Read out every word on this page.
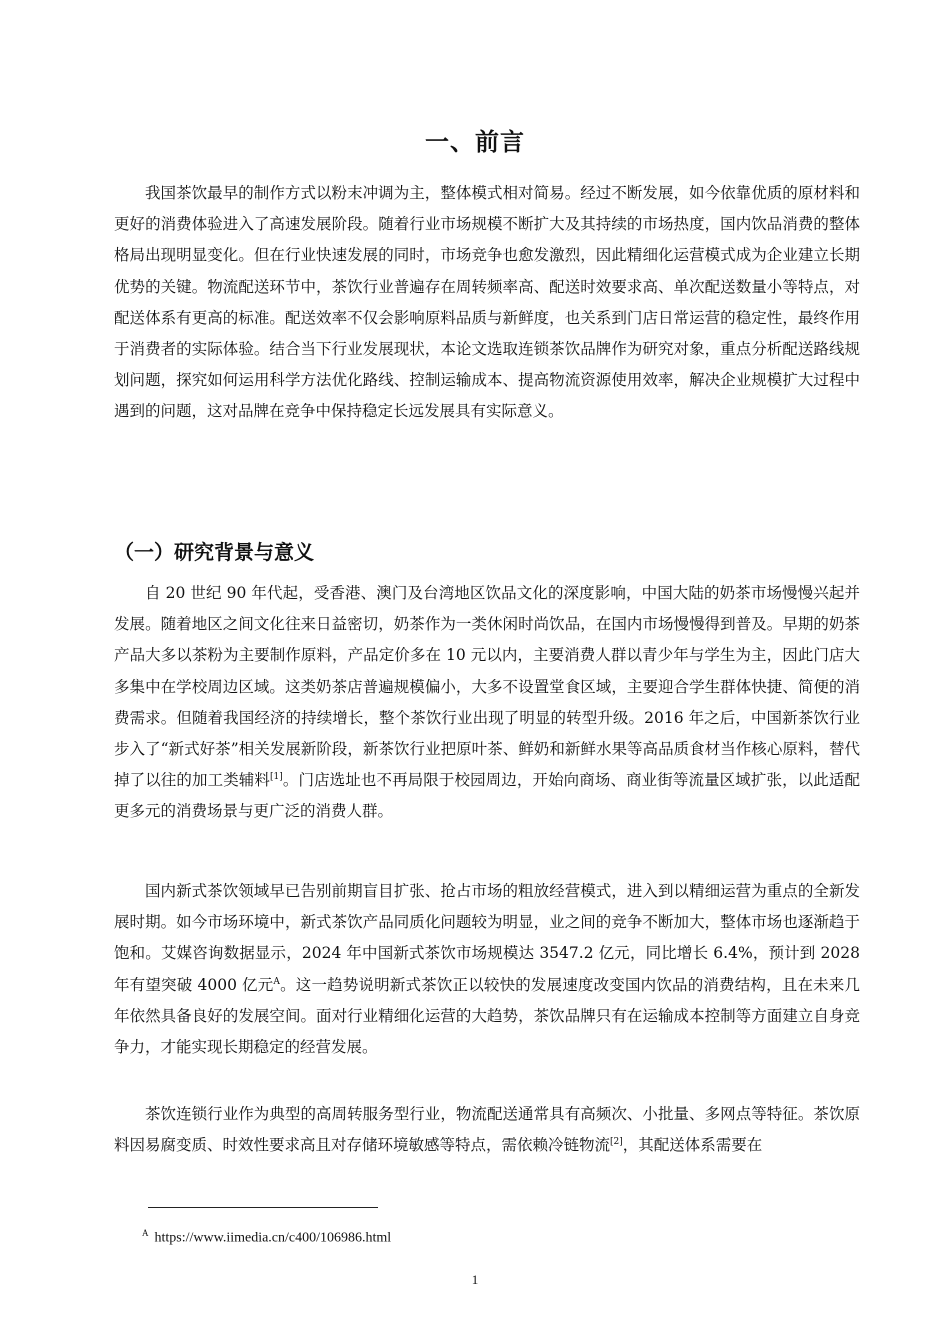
一、前言

我国茶饮最早的制作方式以粉末冲调为主，整体模式相对简易。经过不断发展，如今依靠优质的原材料和更好的消费体验进入了高速发展阶段。随着行业市场规模不断扩大及其持续的市场热度，国内饮品消费的整体格局出现明显变化。但在行业快速发展的同时，市场竞争也愈发激烈，因此精细化运营模式成为企业建立长期优势的关键。物流配送环节中，茶饮行业普遍存在周转频率高、配送时效要求高、单次配送数量小等特点，对配送体系有更高的标准。配送效率不仅会影响原料品质与新鲜度，也关系到门店日常运营的稳定性，最终作用于消费者的实际体验。结合当下行业发展现状，本论文选取连锁茶饮品牌作为研究对象，重点分析配送路线规划问题，探究如何运用科学方法优化路线、控制运输成本、提高物流资源使用效率，解决企业规模扩大过程中遇到的问题，这对品牌在竞争中保持稳定长远发展具有实际意义。

（一）研究背景与意义

自 20 世纪 90 年代起，受香港、澳门及台湾地区饮品文化的深度影响，中国大陆的奶茶市场慢慢兴起并发展。随着地区之间文化往来日益密切，奶茶作为一类休闲时尚饮品，在国内市场慢慢得到普及。早期的奶茶产品大多以茶粉为主要制作原料，产品定价多在 10 元以内，主要消费人群以青少年与学生为主，因此门店大多集中在学校周边区域。这类奶茶店普遍规模偏小，大多不设置堂食区域，主要迎合学生群体快捷、简便的消费需求。但随着我国经济的持续增长，整个茶饮行业出现了明显的转型升级。2016 年之后，中国新茶饮行业步入了“新式好茶”相关发展新阶段，新茶饮行业把原叶茶、鲜奶和新鲜水果等高品质食材当作核心原料，替代掉了以往的加工类辅料[1]。门店选址也不再局限于校园周边，开始向商场、商业街等流量区域扩张，以此适配更多元的消费场景与更广泛的消费人群。

国内新式茶饮领域早已告别前期盲目扩张、抢占市场的粗放经营模式，进入到以精细运营为重点的全新发展时期。如今市场环境中，新式茶饮产品同质化问题较为明显，业之间的竞争不断加大，整体市场也逐渐趋于饱和。艾媒咨询数据显示，2024 年中国新式茶饮市场规模达 3547.2 亿元，同比增长 6.4%，预计到 2028 年有望突破 4000 亿元$^A$。这一趋势说明新式茶饮正以较快的发展速度改变国内饮品的消费结构，且在未来几年依然具备良好的发展空间。面对行业精细化运营的大趋势，茶饮品牌只有在运输成本控制等方面建立自身竞争力，才能实现长期稳定的经营发展。

茶饮连锁行业作为典型的高周转服务型行业，物流配送通常具有高频次、小批量、多网点等特征。茶饮原料因易腐变质、时效性要求高且对存储环境敏感等特点，需依赖冷链物流[2]，其配送体系需要在

$^A$ https://www.iimedia.cn/c400/106986.html
1
